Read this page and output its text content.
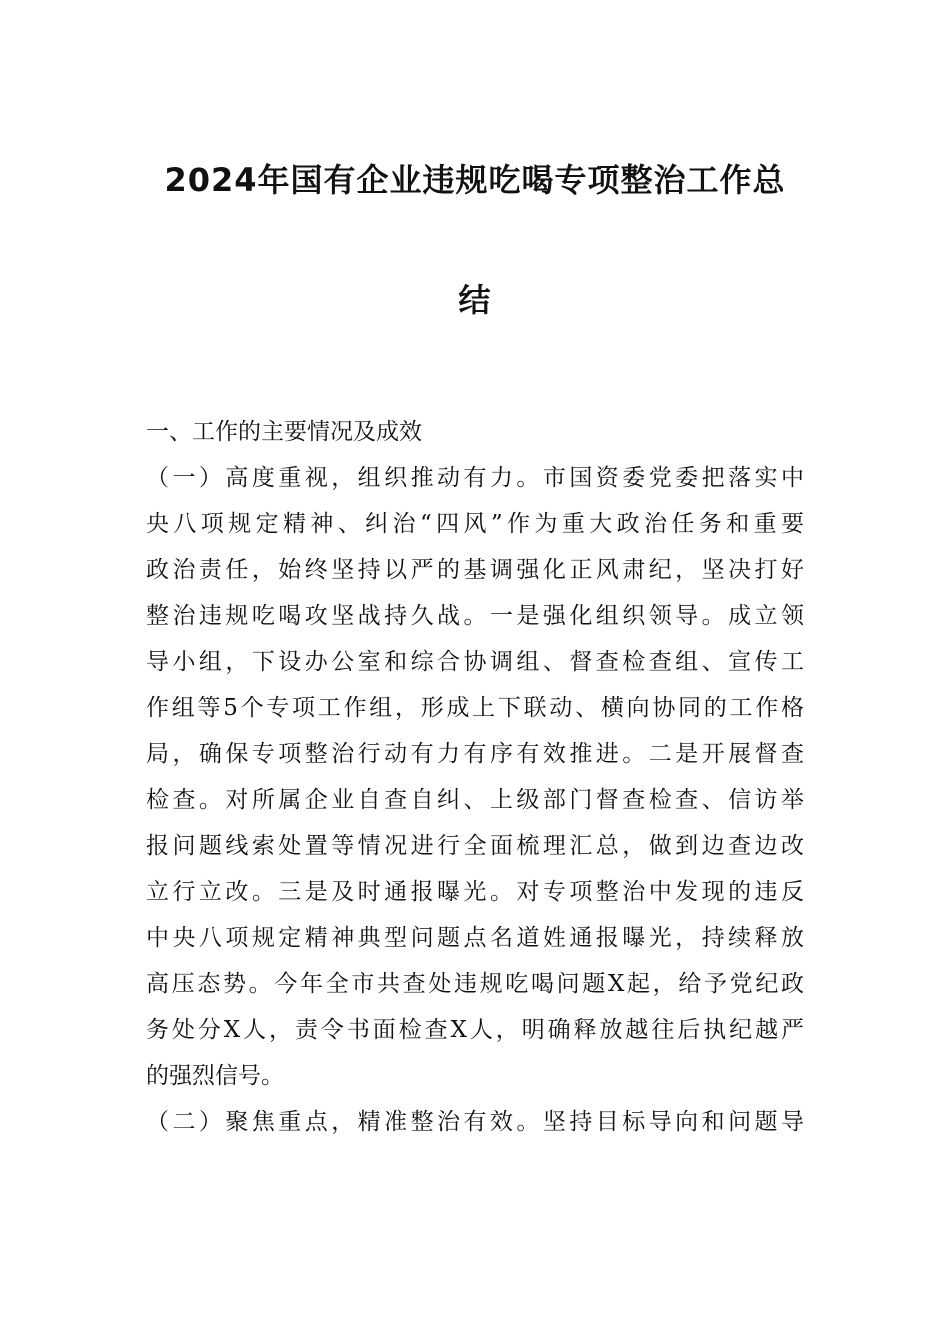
2024年国有企业违规吃喝专项整治工作总
结
一、工作的主要情况及成效
（一）高度重视，组织推动有力。市国资委党委把落实中
央八项规定精神、纠治“四风”作为重大政治任务和重要
政治责任，始终坚持以严的基调强化正风肃纪，坚决打好
整治违规吃喝攻坚战持久战。一是强化组织领导。成立领
导小组，下设办公室和综合协调组、督查检查组、宣传工
作组等5个专项工作组，形成上下联动、横向协同的工作格
局，确保专项整治行动有力有序有效推进。二是开展督查
检查。对所属企业自查自纠、上级部门督查检查、信访举
报问题线索处置等情况进行全面梳理汇总，做到边查边改
立行立改。三是及时通报曝光。对专项整治中发现的违反
中央八项规定精神典型问题点名道姓通报曝光，持续释放
高压态势。今年全市共查处违规吃喝问题X起，给予党纪政
务处分X人，责令书面检查X人，明确释放越往后执纪越严
的强烈信号。
（二）聚焦重点，精准整治有效。坚持目标导向和问题导
